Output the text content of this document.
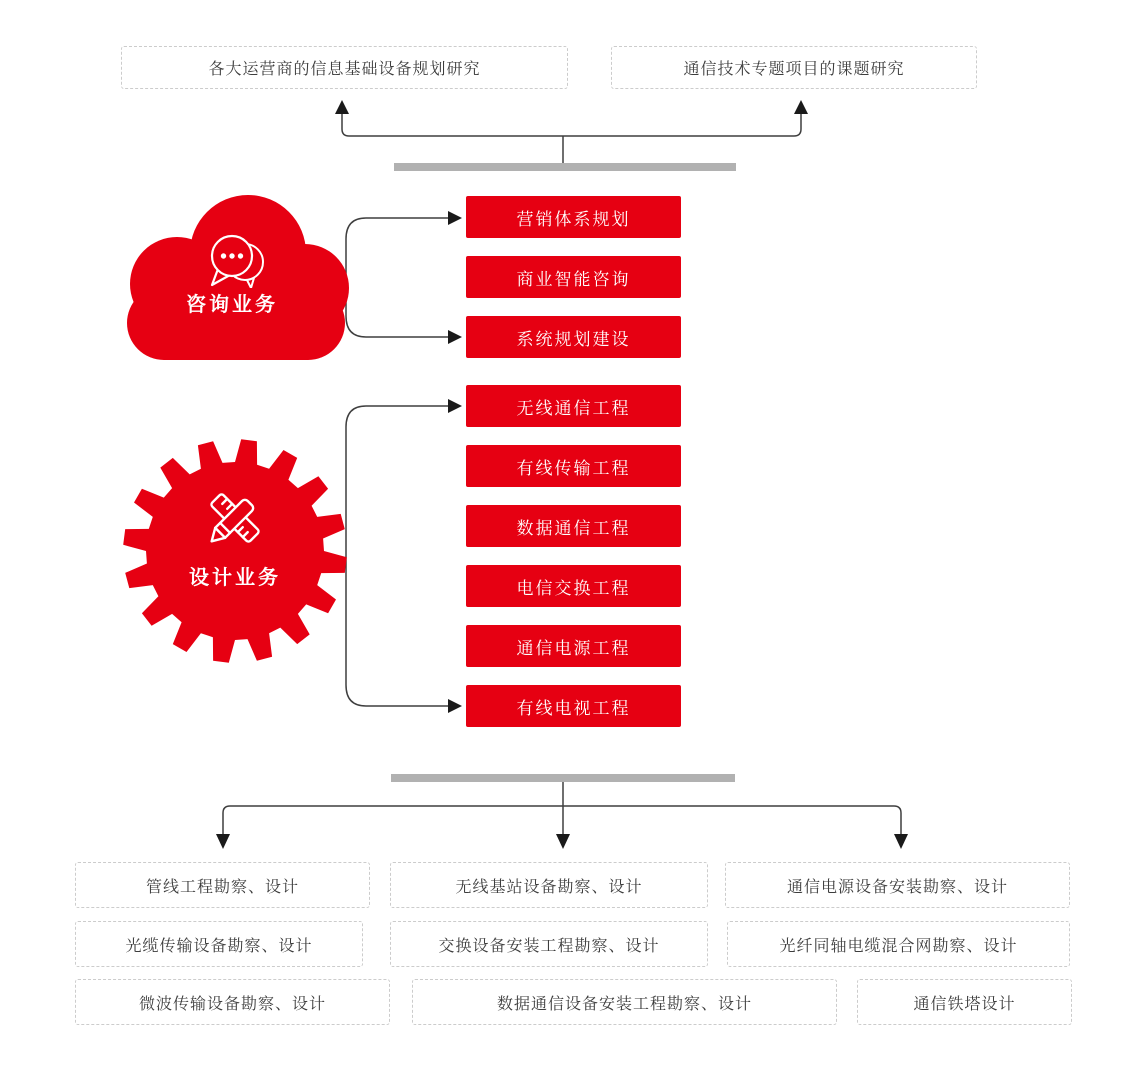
各大运营商的信息基础设备规划研究	通信技术专题项目的课题研究
咨询业务
营销体系规划
商业智能咨询
系统规划建设
设计业务
无线通信工程
有线传输工程
数据通信工程
电信交换工程
通信电源工程
有线电视工程
管线工程勘察、设计	无线基站设备勘察、设计	通信电源设备安装勘察、设计
光缆传输设备勘察、设计	交换设备安装工程勘察、设计	光纤同轴电缆混合网勘察、设计
微波传输设备勘察、设计	数据通信设备安装工程勘察、设计	通信铁塔设计
